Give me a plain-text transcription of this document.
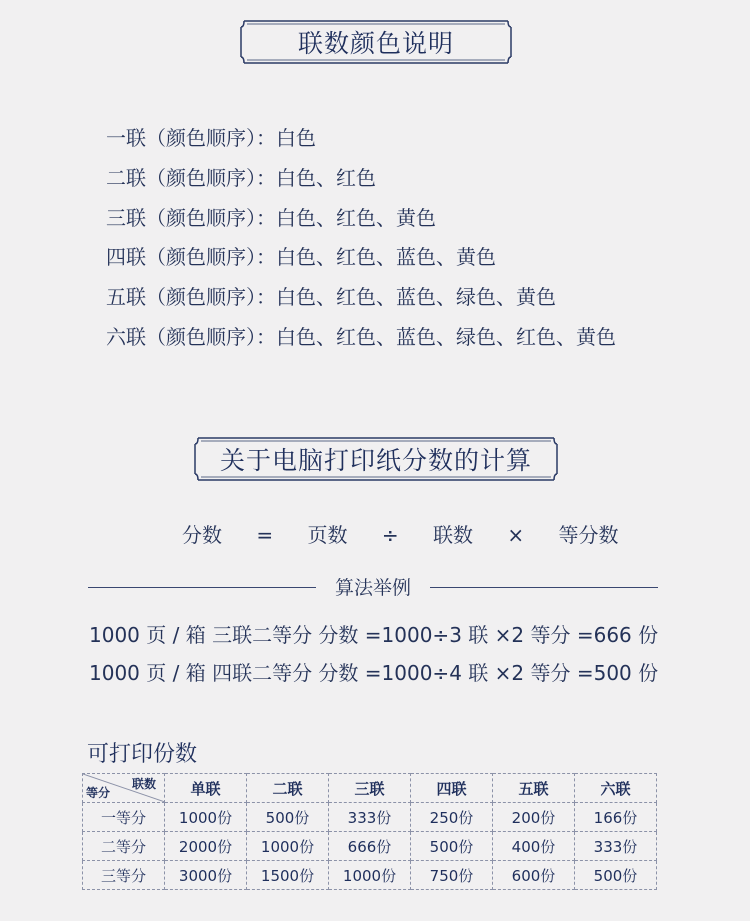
联数颜色说明
一联（颜色顺序）：白色
二联（颜色顺序）：白色、红色
三联（颜色顺序）：白色、红色、黄色
四联（颜色顺序）：白色、红色、蓝色、黄色
五联（颜色顺序）：白色、红色、蓝色、绿色、黄色
六联（颜色顺序）：白色、红色、蓝色、绿色、红色、黄色
关于电脑打印纸分数的计算
分数 = 页数 ÷ 联数 × 等分数
算法举例
1000 页 / 箱 三联二等分 分数 =1000÷3 联 ×2 等分 =666 份
1000 页 / 箱 四联二等分 分数 =1000÷4 联 ×2 等分 =500 份
可打印份数
联数
等分	单联	二联	三联	四联	五联	六联
一等分	1000份	500份	333份	250份	200份	166份
二等分	2000份	1000份	666份	500份	400份	333份
三等分	3000份	1500份	1000份	750份	600份	500份
